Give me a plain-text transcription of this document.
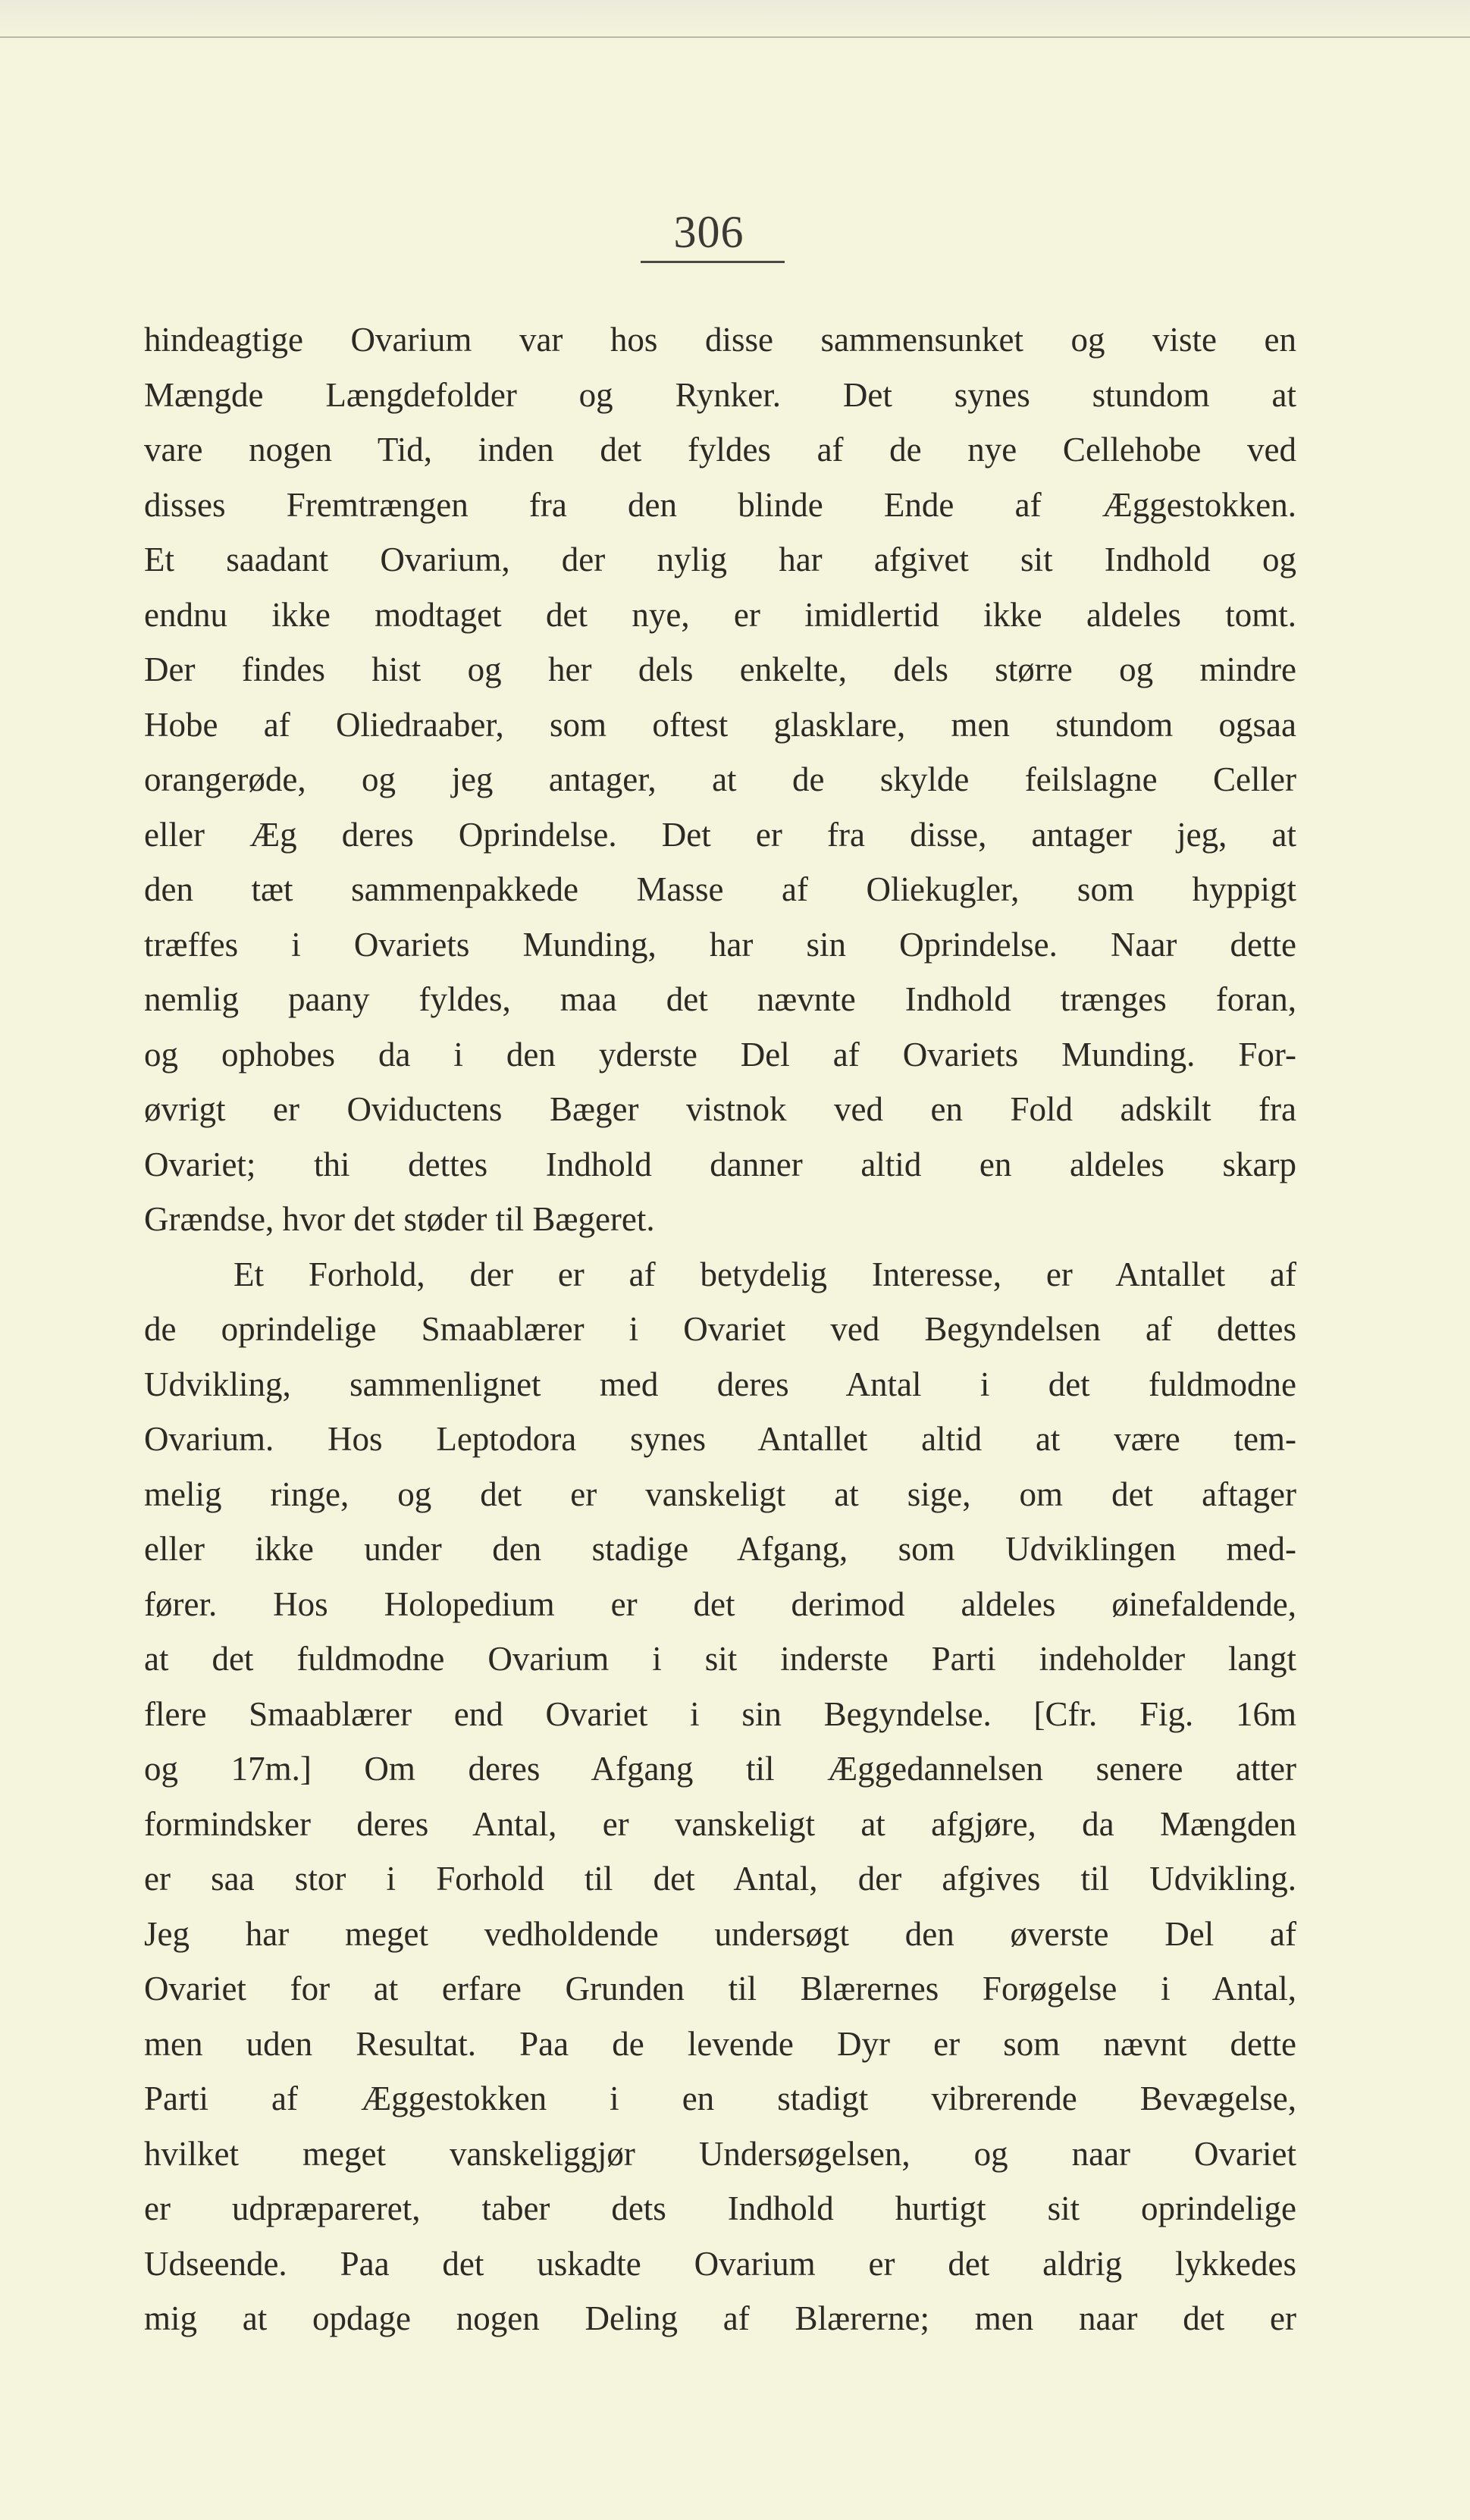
306
hindeagtige Ovarium var hos disse sammensunket og viste en
Mængde Længdefolder og Rynker. Det synes stundom at
vare nogen Tid, inden det fyldes af de nye Cellehobe ved
disses Fremtrængen fra den blinde Ende af Æggestokken.
Et saadant Ovarium, der nylig har afgivet sit Indhold og
endnu ikke modtaget det nye, er imidlertid ikke aldeles tomt.
Der findes hist og her dels enkelte, dels større og mindre
Hobe af Oliedraaber, som oftest glasklare, men stundom ogsaa
orangerøde, og jeg antager, at de skylde feilslagne Celler
eller Æg deres Oprindelse. Det er fra disse, antager jeg, at
den tæt sammenpakkede Masse af Oliekugler, som hyppigt
træffes i Ovariets Munding, har sin Oprindelse. Naar dette
nemlig paany fyldes, maa det nævnte Indhold trænges foran,
og ophobes da i den yderste Del af Ovariets Munding. For-
øvrigt er Oviductens Bæger vistnok ved en Fold adskilt fra
Ovariet; thi dettes Indhold danner altid en aldeles skarp
Grændse, hvor det støder til Bægeret.
Et Forhold, der er af betydelig Interesse, er Antallet af
de oprindelige Smaablærer i Ovariet ved Begyndelsen af dettes
Udvikling, sammenlignet med deres Antal i det fuldmodne
Ovarium. Hos Leptodora synes Antallet altid at være tem-
melig ringe, og det er vanskeligt at sige, om det aftager
eller ikke under den stadige Afgang, som Udviklingen med-
fører. Hos Holopedium er det derimod aldeles øinefaldende,
at det fuldmodne Ovarium i sit inderste Parti indeholder langt
flere Smaablærer end Ovariet i sin Begyndelse. [Cfr. Fig. 16m
og 17m.] Om deres Afgang til Æggedannelsen senere atter
formindsker deres Antal, er vanskeligt at afgjøre, da Mængden
er saa stor i Forhold til det Antal, der afgives til Udvikling.
Jeg har meget vedholdende undersøgt den øverste Del af
Ovariet for at erfare Grunden til Blærernes Forøgelse i Antal,
men uden Resultat. Paa de levende Dyr er som nævnt dette
Parti af Æggestokken i en stadigt vibrerende Bevægelse,
hvilket meget vanskeliggjør Undersøgelsen, og naar Ovariet
er udpræpareret, taber dets Indhold hurtigt sit oprindelige
Udseende. Paa det uskadte Ovarium er det aldrig lykkedes
mig at opdage nogen Deling af Blærerne; men naar det er
